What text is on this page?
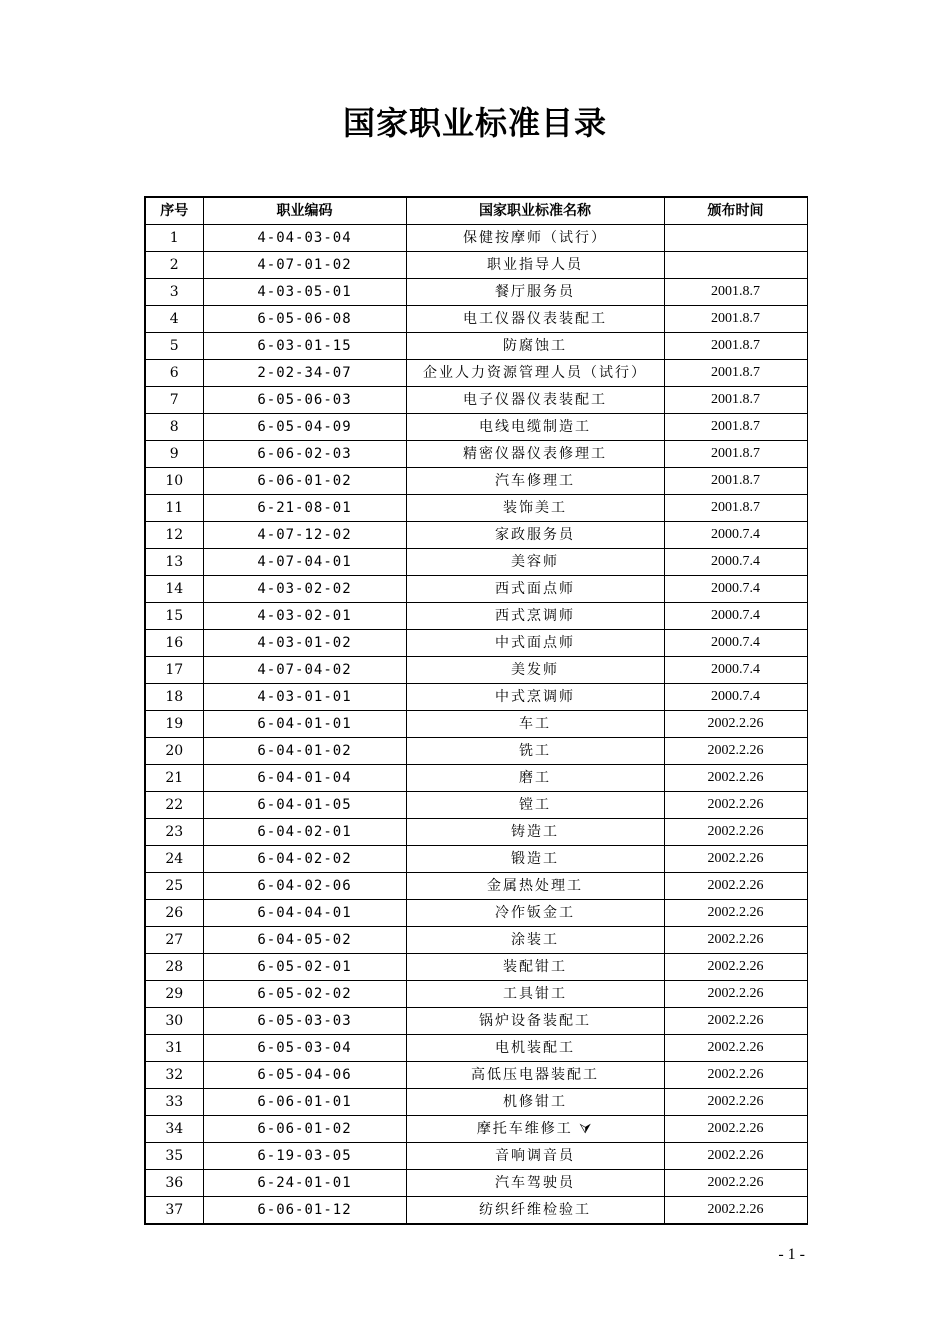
国家职业标准目录
序号	职业编码	国家职业标准名称	颁布时间
1	4-04-03-04	保健按摩师（试行）	
2	4-07-01-02	职业指导人员	
3	4-03-05-01	餐厅服务员	2001.8.7
4	6-05-06-08	电工仪器仪表装配工	2001.8.7
5	6-03-01-15	防腐蚀工	2001.8.7
6	2-02-34-07	企业人力资源管理人员（试行）	2001.8.7
7	6-05-06-03	电子仪器仪表装配工	2001.8.7
8	6-05-04-09	电线电缆制造工	2001.8.7
9	6-06-02-03	精密仪器仪表修理工	2001.8.7
10	6-06-01-02	汽车修理工	2001.8.7
11	6-21-08-01	装饰美工	2001.8.7
12	4-07-12-02	家政服务员	2000.7.4
13	4-07-04-01	美容师	2000.7.4
14	4-03-02-02	西式面点师	2000.7.4
15	4-03-02-01	西式烹调师	2000.7.4
16	4-03-01-02	中式面点师	2000.7.4
17	4-07-04-02	美发师	2000.7.4
18	4-03-01-01	中式烹调师	2000.7.4
19	6-04-01-01	车工	2002.2.26
20	6-04-01-02	铣工	2002.2.26
21	6-04-01-04	磨工	2002.2.26
22	6-04-01-05	镗工	2002.2.26
23	6-04-02-01	铸造工	2002.2.26
24	6-04-02-02	锻造工	2002.2.26
25	6-04-02-06	金属热处理工	2002.2.26
26	6-04-04-01	冷作钣金工	2002.2.26
27	6-04-05-02	涂装工	2002.2.26
28	6-05-02-01	装配钳工	2002.2.26
29	6-05-02-02	工具钳工	2002.2.26
30	6-05-03-03	锅炉设备装配工	2002.2.26
31	6-05-03-04	电机装配工	2002.2.26
32	6-05-04-06	高低压电器装配工	2002.2.26
33	6-06-01-01	机修钳工	2002.2.26
34	6-06-01-02	摩托车维修工 ⮛	2002.2.26
35	6-19-03-05	音响调音员	2002.2.26
36	6-24-01-01	汽车驾驶员	2002.2.26
37	6-06-01-12	纺织纤维检验工	2002.2.26
- 1 -
